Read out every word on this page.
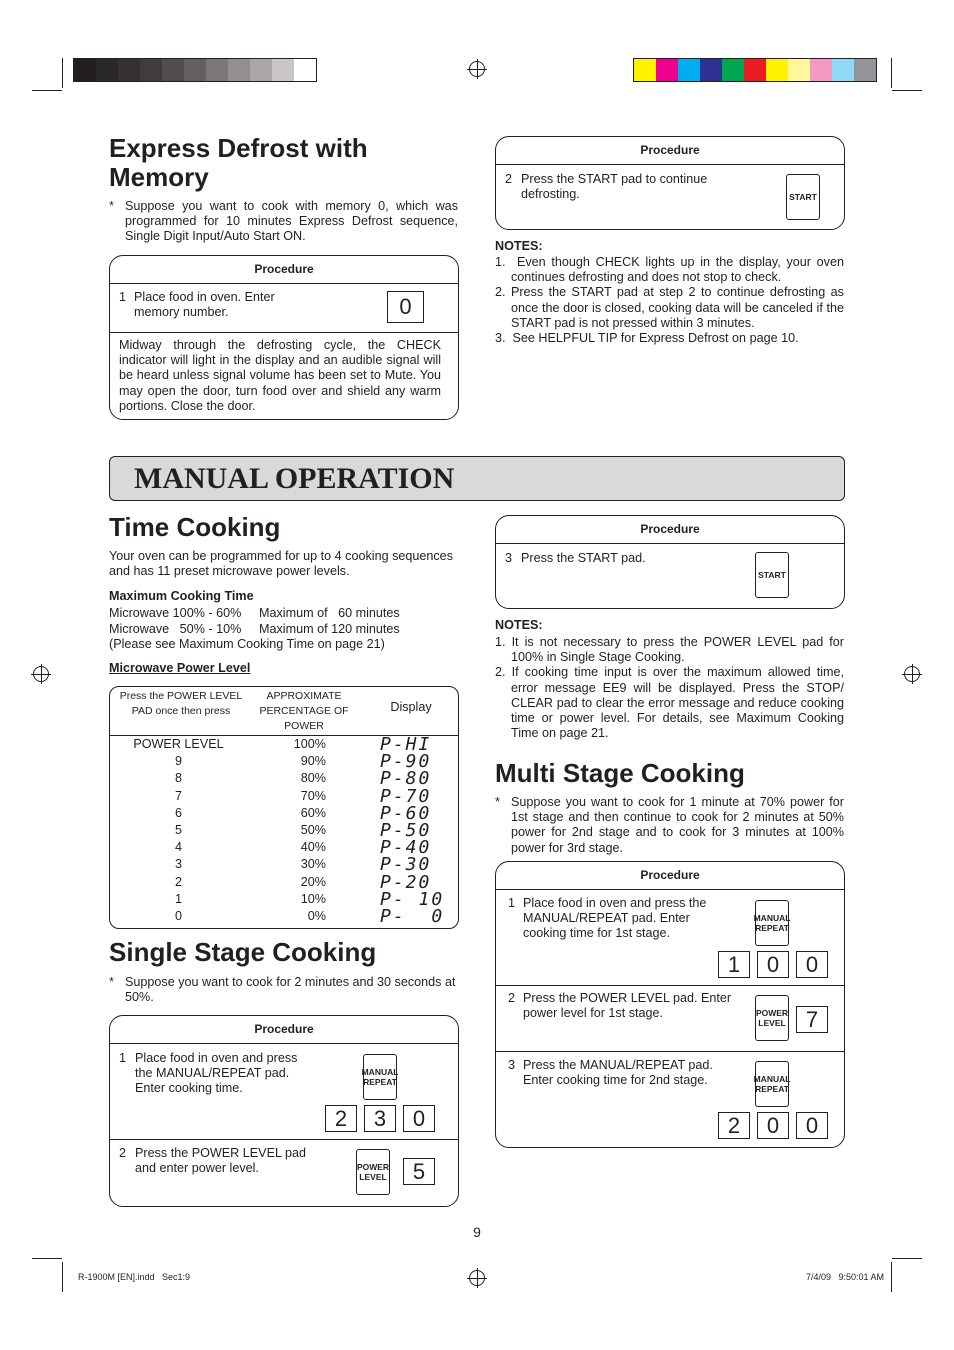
Express Defrost with Memory
* Suppose you want to cook with memory 0, which was programmed for 10 minutes Express Defrost sequence, Single Digit Input/Auto Start ON.
Procedure
1 Place food in oven. Enter memory number.	0
Midway through the defrosting cycle, the CHECK indicator will light in the display and an audible signal will be heard unless signal volume has been set to Mute. You may open the door, turn food over and shield any warm portions. Close the door.
Procedure
2 Press the START pad to continue defrosting.	START
NOTES:
1.  Even though CHECK lights up in the display, your oven continues defrosting and does not stop to check.
2. Press the START pad at step 2 to continue defrosting as once the door is closed, cooking data will be canceled if the START pad is not pressed within 3 minutes.
3.  See HELPFUL TIP for Express Defrost on page 10.
MANUAL OPERATION
Time Cooking
Your oven can be programmed for up to 4 cooking sequences and has 11 preset microwave power levels.
Maximum Cooking Time
Microwave 100% - 60% Maximum of   60 minutes
Microwave   50% - 10% Maximum of 120 minutes
(Please see Maximum Cooking Time on page 21)
Microwave Power Level
Press the POWER LEVEL PAD once then press
APPROXIMATE PERCENTAGE OF POWER
Display
POWER LEVEL	100%	P-HI
9	90%	P-90
8	80%	P-80
7	70%	P-70
6	60%	P-60
5	50%	P-50
4	40%	P-40
3	30%	P-30
2	20%	P-20
1	10%	P- 10
0	0%	P-  0
Procedure
3 Press the START pad.
START
NOTES:
1. It is not necessary to press the POWER LEVEL pad for 100% in Single Stage Cooking.
2. If cooking time input is over the maximum allowed time, error message EE9 will be displayed. Press the STOP/ CLEAR pad to clear the error message and reduce cooking time or power level. For details, see Maximum Cooking Time on page 21.
Single Stage Cooking
* Suppose you want to cook for 2 minutes and 30 seconds at 50%.
Procedure
1 Place food in oven and press the MANUAL/REPEAT pad. Enter cooking time.
MANUAL
REPEAT
2	3	0
2 Press the POWER LEVEL pad and enter power level.	POWER
LEVEL	5
Multi Stage Cooking
* Suppose you want to cook for 1 minute at 70% power for 1st stage and then continue to cook for 2 minutes at 50% power for 2nd stage and to cook for 3 minutes at 100% power for 3rd stage.
Procedure
1 Place food in oven and press the MANUAL/REPEAT pad. Enter cooking time for 1st stage.
MANUAL
REPEAT
1	0	0
2 Press the POWER LEVEL pad. Enter power level for 1st stage.	POWER
LEVEL 7
3 Press the MANUAL/REPEAT pad. Enter cooking time for 2nd stage.	MANUAL
REPEAT
2	0	0
9
R-1900M [EN].indd   Sec1:9	7/4/09   9:50:01 AM
